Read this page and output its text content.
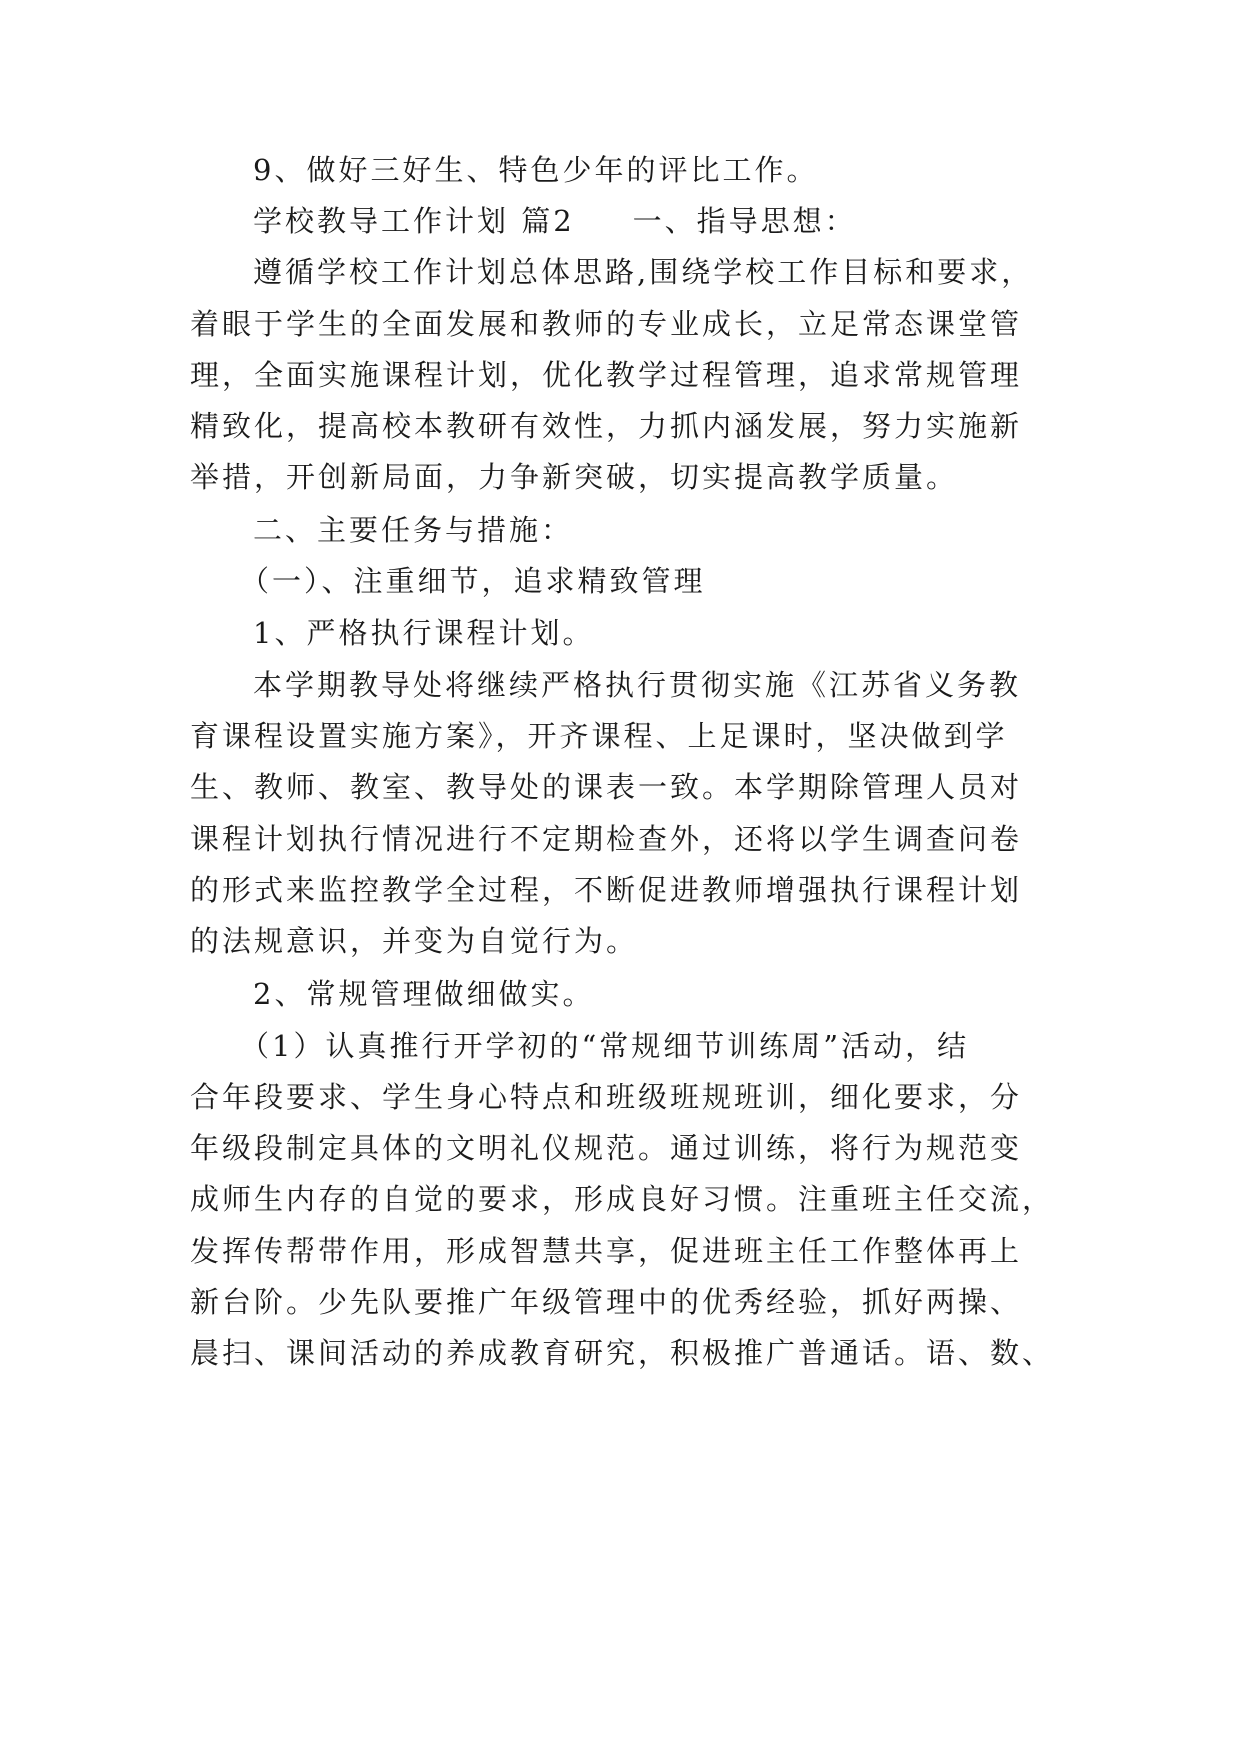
9、做好三好生、特色少年的评比工作。
学校教导工作计划 篇2 一、指导思想：
遵循学校工作计划总体思路,围绕学校工作目标和要求，
着眼于学生的全面发展和教师的专业成长，立足常态课堂管
理，全面实施课程计划，优化教学过程管理，追求常规管理
精致化，提高校本教研有效性，力抓内涵发展，努力实施新
举措，开创新局面，力争新突破，切实提高教学质量。
二、主要任务与措施：
（一）、注重细节，追求精致管理
1、严格执行课程计划。
本学期教导处将继续严格执行贯彻实施《江苏省义务教
育课程设置实施方案》，开齐课程、上足课时，坚决做到学
生、教师、教室、教导处的课表一致。本学期除管理人员对
课程计划执行情况进行不定期检查外，还将以学生调查问卷
的形式来监控教学全过程，不断促进教师增强执行课程计划
的法规意识，并变为自觉行为。
2、常规管理做细做实。
（1）认真推行开学初的“常规细节训练周”活动，结
合年段要求、学生身心特点和班级班规班训，细化要求，分
年级段制定具体的文明礼仪规范。通过训练，将行为规范变
成师生内存的自觉的要求，形成良好习惯。注重班主任交流，
发挥传帮带作用，形成智慧共享，促进班主任工作整体再上
新台阶。少先队要推广年级管理中的优秀经验，抓好两操、
晨扫、课间活动的养成教育研究，积极推广普通话。语、数、
